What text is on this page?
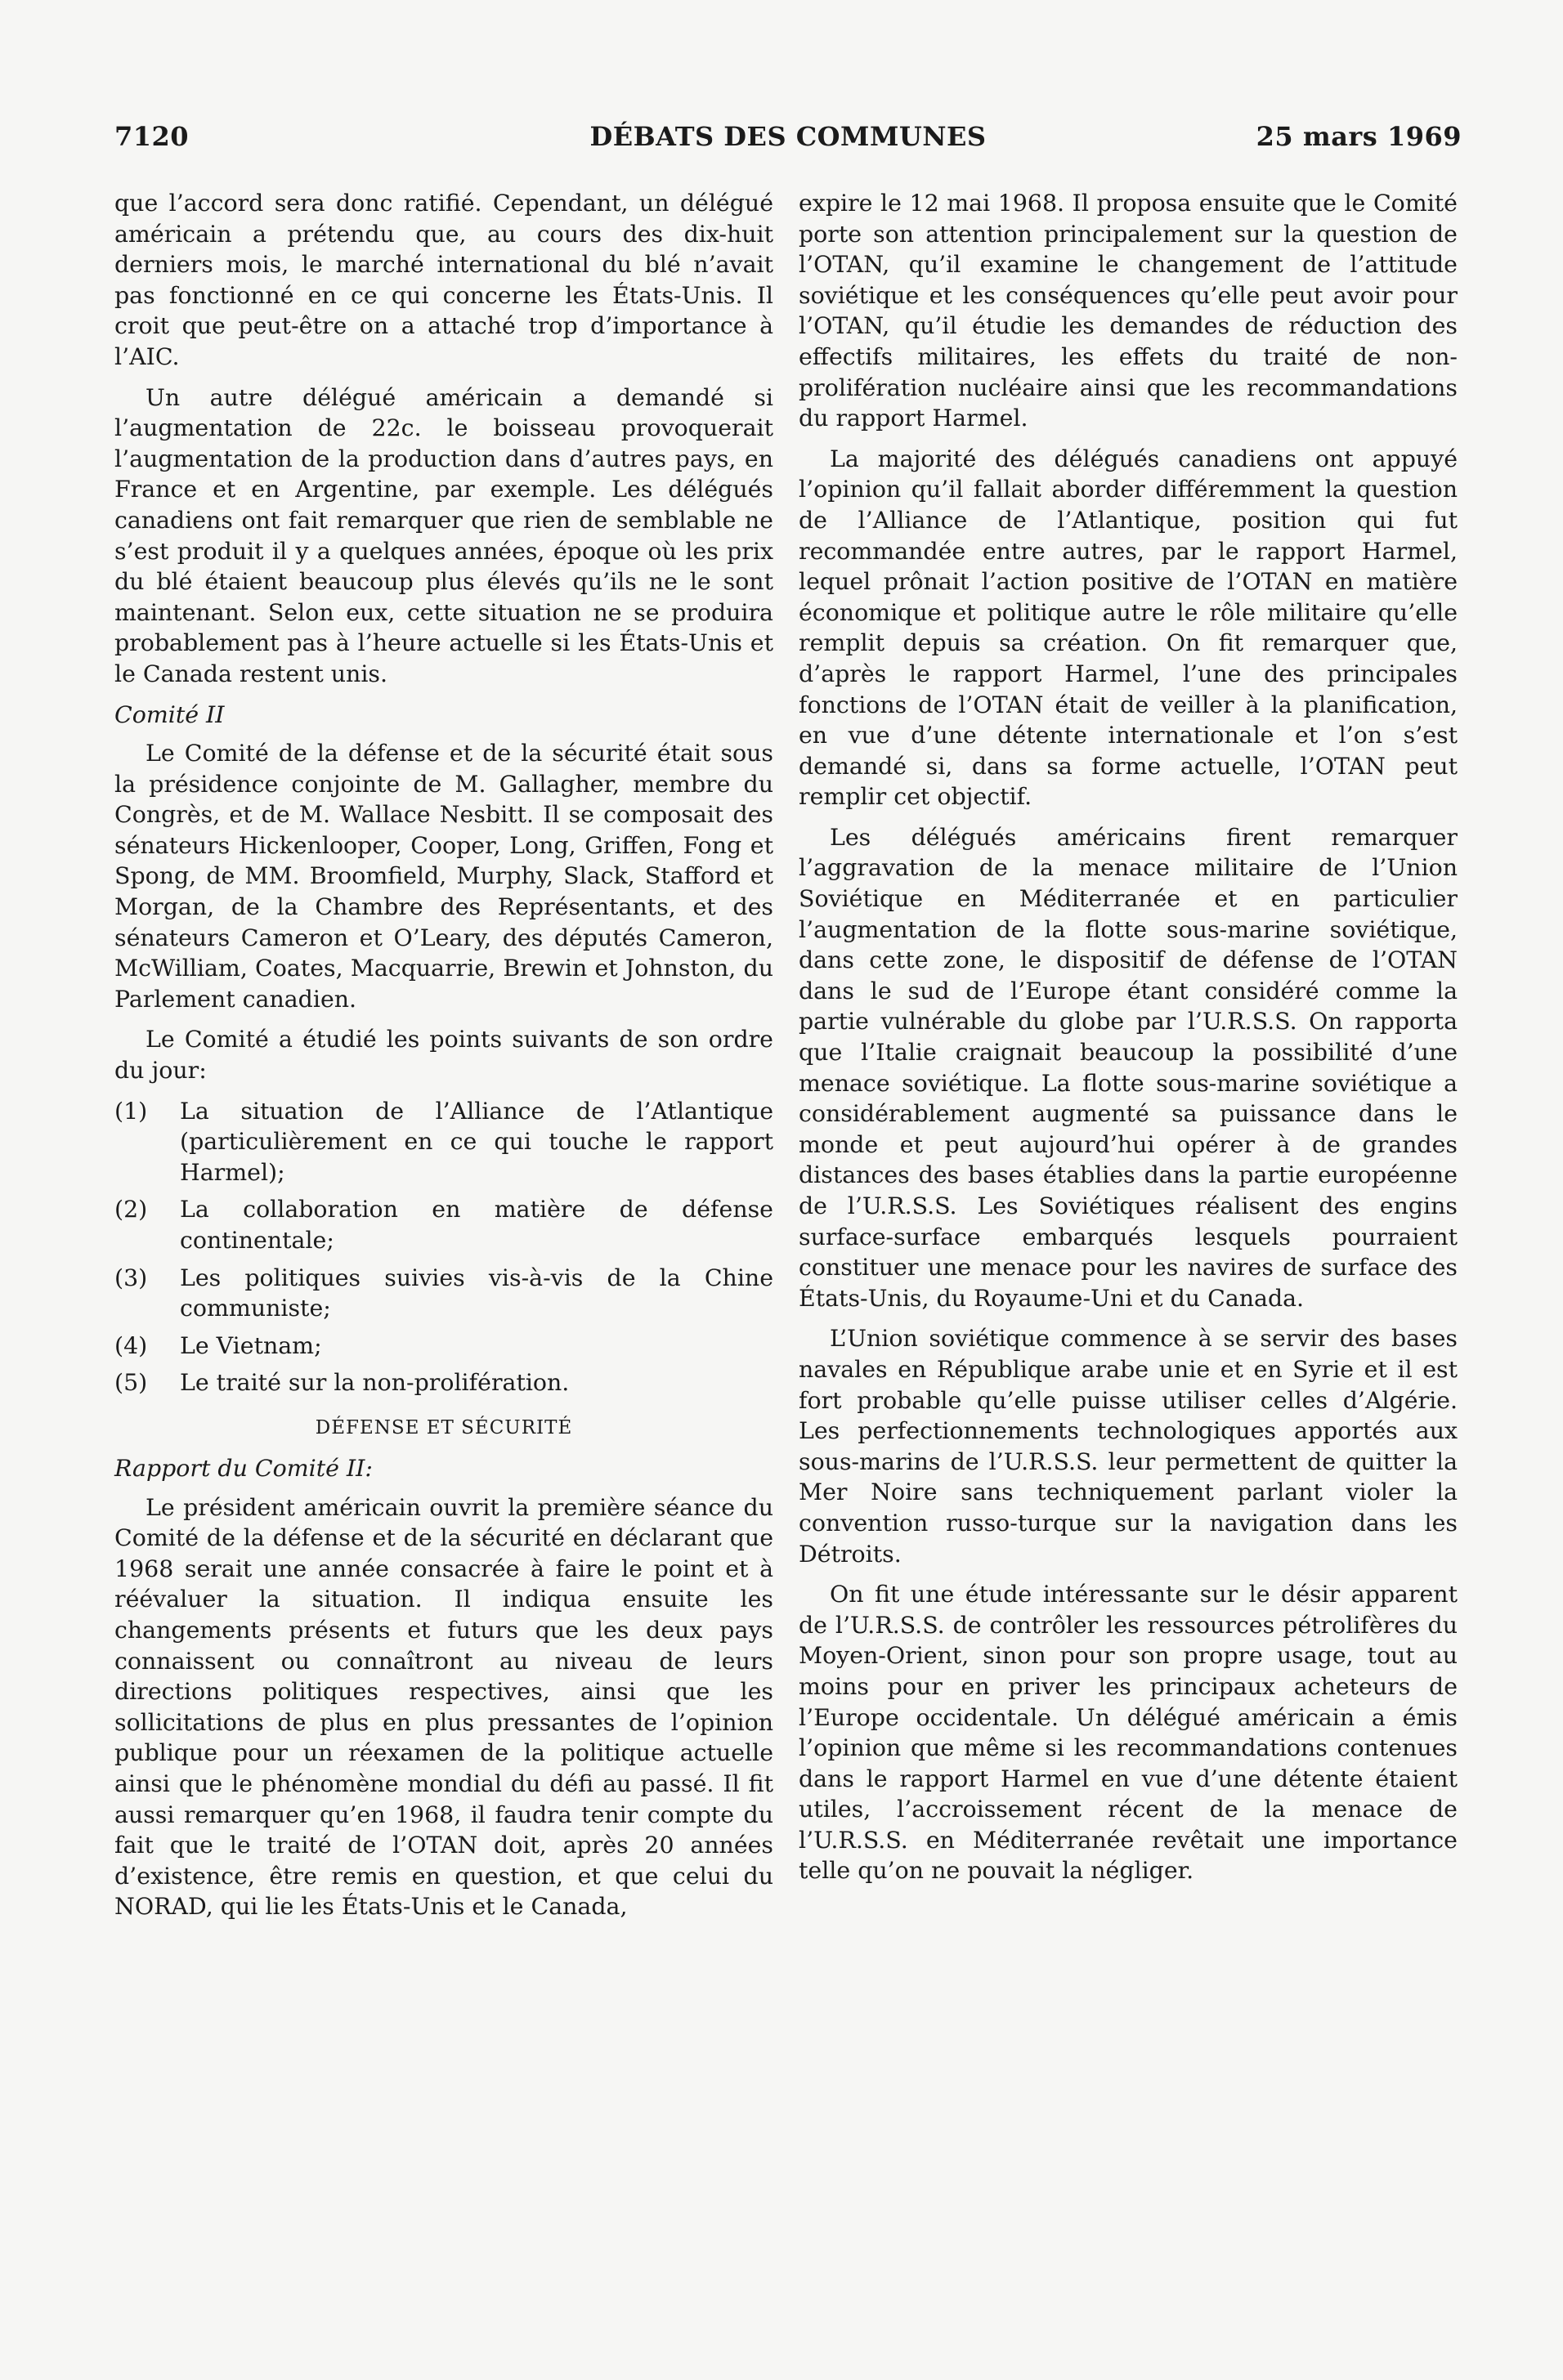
7120	DÉBATS DES COMMUNES	25 mars 1969

que l’accord sera donc ratifié. Cependant, un délégué américain a prétendu que, au cours des dix-huit derniers mois, le marché international du blé n’avait pas fonctionné en ce qui concerne les États-Unis. Il croit que peut-être on a attaché trop d’importance à l’AIC.

Un autre délégué américain a demandé si l’augmentation de 22c. le boisseau provoquerait l’augmentation de la production dans d’autres pays, en France et en Argentine, par exemple. Les délégués canadiens ont fait remarquer que rien de semblable ne s’est produit il y a quelques années, époque où les prix du blé étaient beaucoup plus élevés qu’ils ne le sont maintenant. Selon eux, cette situation ne se produira probablement pas à l’heure actuelle si les États-Unis et le Canada restent unis.

Comité II

Le Comité de la défense et de la sécurité était sous la présidence conjointe de M. Gallagher, membre du Congrès, et de M. Wallace Nesbitt. Il se composait des sénateurs Hickenlooper, Cooper, Long, Griffen, Fong et Spong, de MM. Broomfield, Murphy, Slack, Stafford et Morgan, de la Chambre des Représentants, et des sénateurs Cameron et O’Leary, des députés Cameron, McWilliam, Coates, Macquarrie, Brewin et Johnston, du Parlement canadien.

Le Comité a étudié les points suivants de son ordre du jour:

(1)	La situation de l’Alliance de l’Atlantique (particulièrement en ce qui touche le rapport Harmel);
(2)	La collaboration en matière de défense continentale;
(3)	Les politiques suivies vis-à-vis de la Chine communiste;
(4)	Le Vietnam;
(5)	Le traité sur la non-prolifération.
DÉFENSE ET SÉCURITÉ
Rapport du Comité II:

Le président américain ouvrit la première séance du Comité de la défense et de la sécurité en déclarant que 1968 serait une année consacrée à faire le point et à réévaluer la situation. Il indiqua ensuite les changements présents et futurs que les deux pays connaissent ou connaîtront au niveau de leurs directions politiques respectives, ainsi que les sollicitations de plus en plus pressantes de l’opinion publique pour un réexamen de la politique actuelle ainsi que le phénomène mondial du défi au passé. Il fit aussi remarquer qu’en 1968, il faudra tenir compte du fait que le traité de l’OTAN doit, après 20 années d’existence, être remis en question, et que celui du NORAD, qui lie les États-Unis et le Canada,

expire le 12 mai 1968. Il proposa ensuite que le Comité porte son attention principalement sur la question de l’OTAN, qu’il examine le changement de l’attitude soviétique et les conséquences qu’elle peut avoir pour l’OTAN, qu’il étudie les demandes de réduction des effectifs militaires, les effets du traité de non-prolifération nucléaire ainsi que les recommandations du rapport Harmel.

La majorité des délégués canadiens ont appuyé l’opinion qu’il fallait aborder différemment la question de l’Alliance de l’Atlantique, position qui fut recommandée entre autres, par le rapport Harmel, lequel prônait l’action positive de l’OTAN en matière économique et politique autre le rôle militaire qu’elle remplit depuis sa création. On fit remarquer que, d’après le rapport Harmel, l’une des principales fonctions de l’OTAN était de veiller à la planification, en vue d’une détente internationale et l’on s’est demandé si, dans sa forme actuelle, l’OTAN peut remplir cet objectif.

Les délégués américains firent remarquer l’aggravation de la menace militaire de l’Union Soviétique en Méditerranée et en particulier l’augmentation de la flotte sous-marine soviétique, dans cette zone, le dispositif de défense de l’OTAN dans le sud de l’Europe étant considéré comme la partie vulnérable du globe par l’U.R.S.S. On rapporta que l’Italie craignait beaucoup la possibilité d’une menace soviétique. La flotte sous-marine soviétique a considérablement augmenté sa puissance dans le monde et peut aujourd’hui opérer à de grandes distances des bases établies dans la partie européenne de l’U.R.S.S. Les Soviétiques réalisent des engins surface-surface embarqués lesquels pourraient constituer une menace pour les navires de surface des États-Unis, du Royaume-Uni et du Canada.

L’Union soviétique commence à se servir des bases navales en République arabe unie et en Syrie et il est fort probable qu’elle puisse utiliser celles d’Algérie. Les perfectionnements technologiques apportés aux sous-marins de l’U.R.S.S. leur permettent de quitter la Mer Noire sans techniquement parlant violer la convention russo-turque sur la navigation dans les Détroits.

On fit une étude intéressante sur le désir apparent de l’U.R.S.S. de contrôler les ressources pétrolifères du Moyen-Orient, sinon pour son propre usage, tout au moins pour en priver les principaux acheteurs de l’Europe occidentale. Un délégué américain a émis l’opinion que même si les recommandations contenues dans le rapport Harmel en vue d’une détente étaient utiles, l’accroissement récent de la menace de l’U.R.S.S. en Méditerranée revêtait une importance telle qu’on ne pouvait la négliger.
